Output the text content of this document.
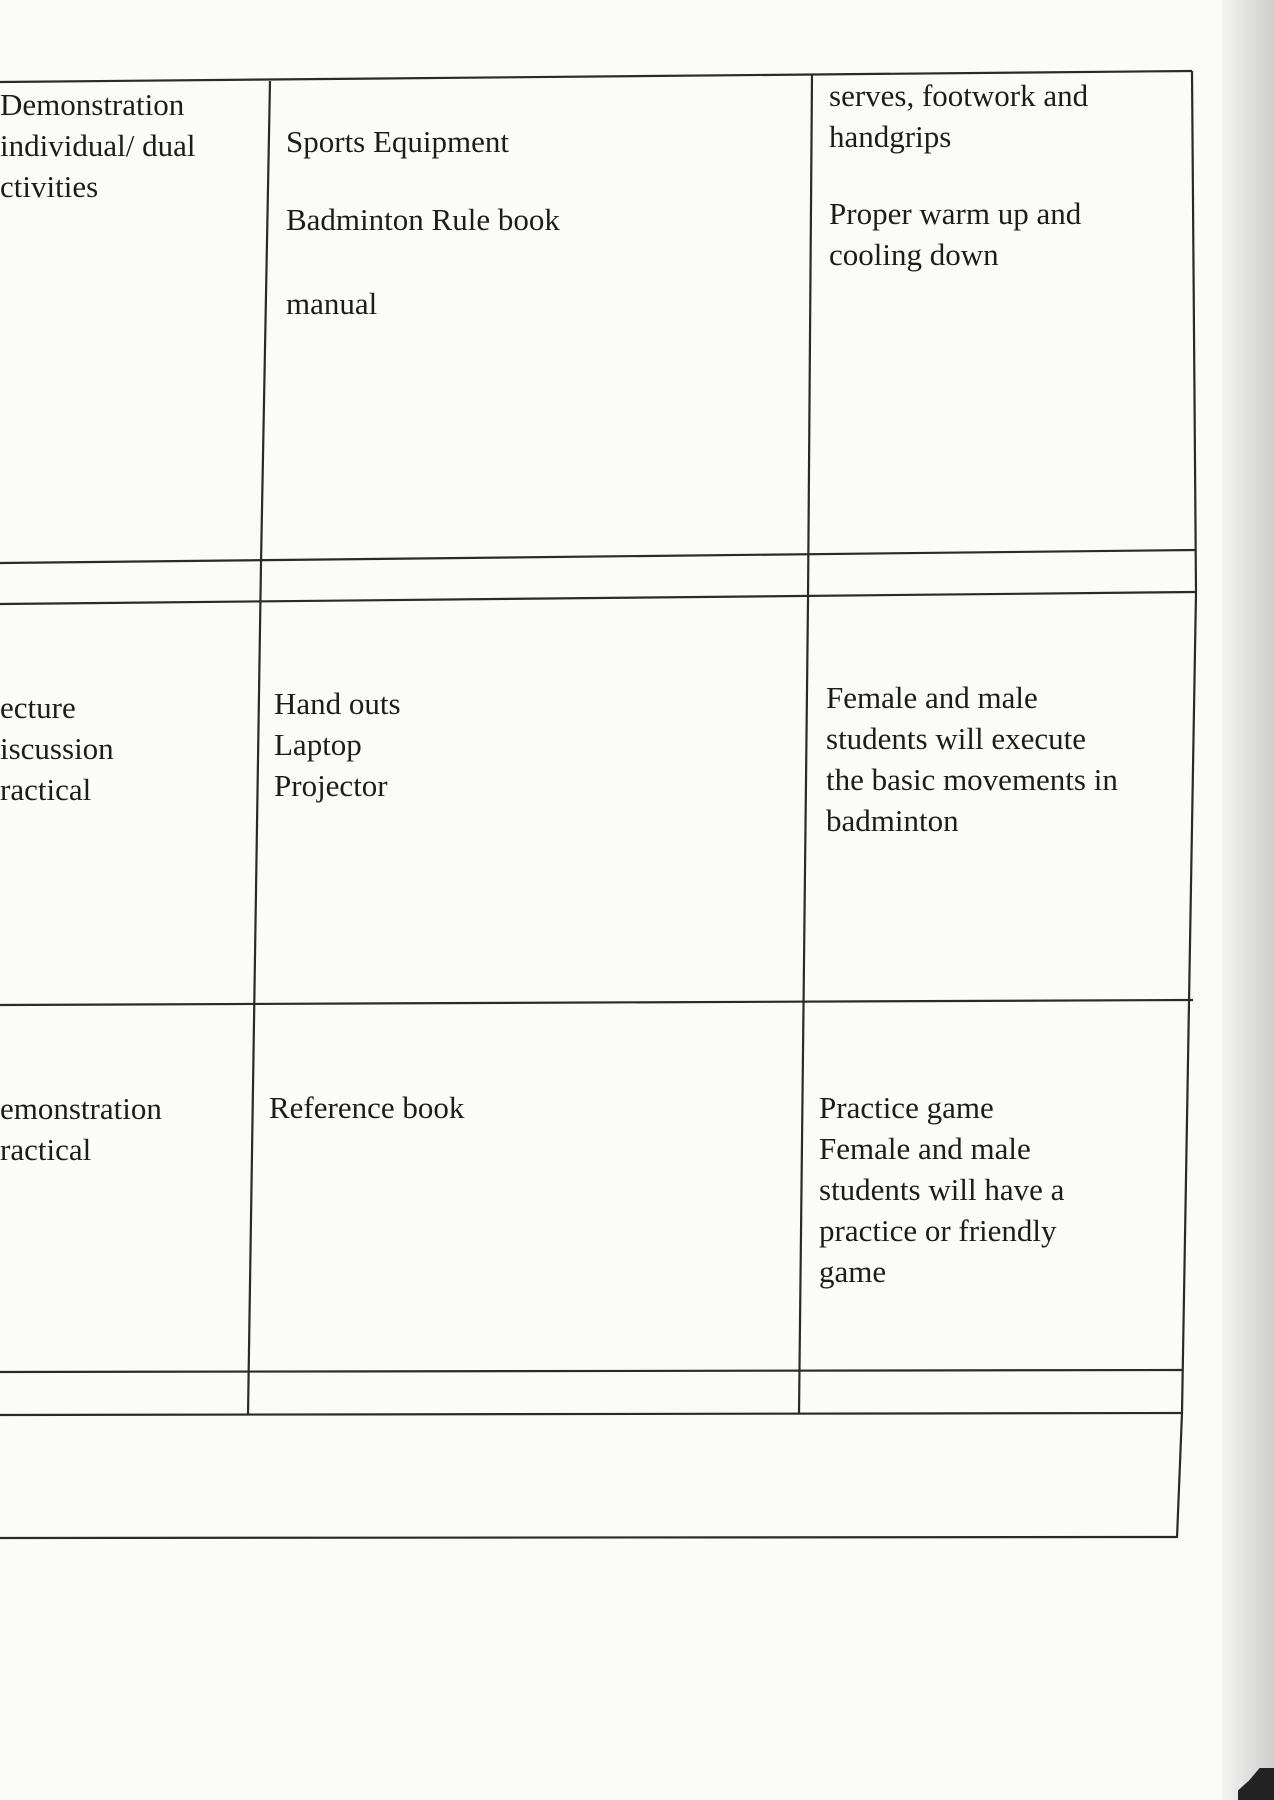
Demonstration
individual/ dual
ctivities
Sports Equipment
Badminton Rule book
manual
serves, footwork and
handgrips
Proper warm up and
cooling down
ecture
iscussion
ractical
Hand outs
Laptop
Projector
Female and male
students will execute
the basic movements in
badminton
emonstration
ractical
Reference book	Practice game
Female and male
students will have a
practice or friendly
game
